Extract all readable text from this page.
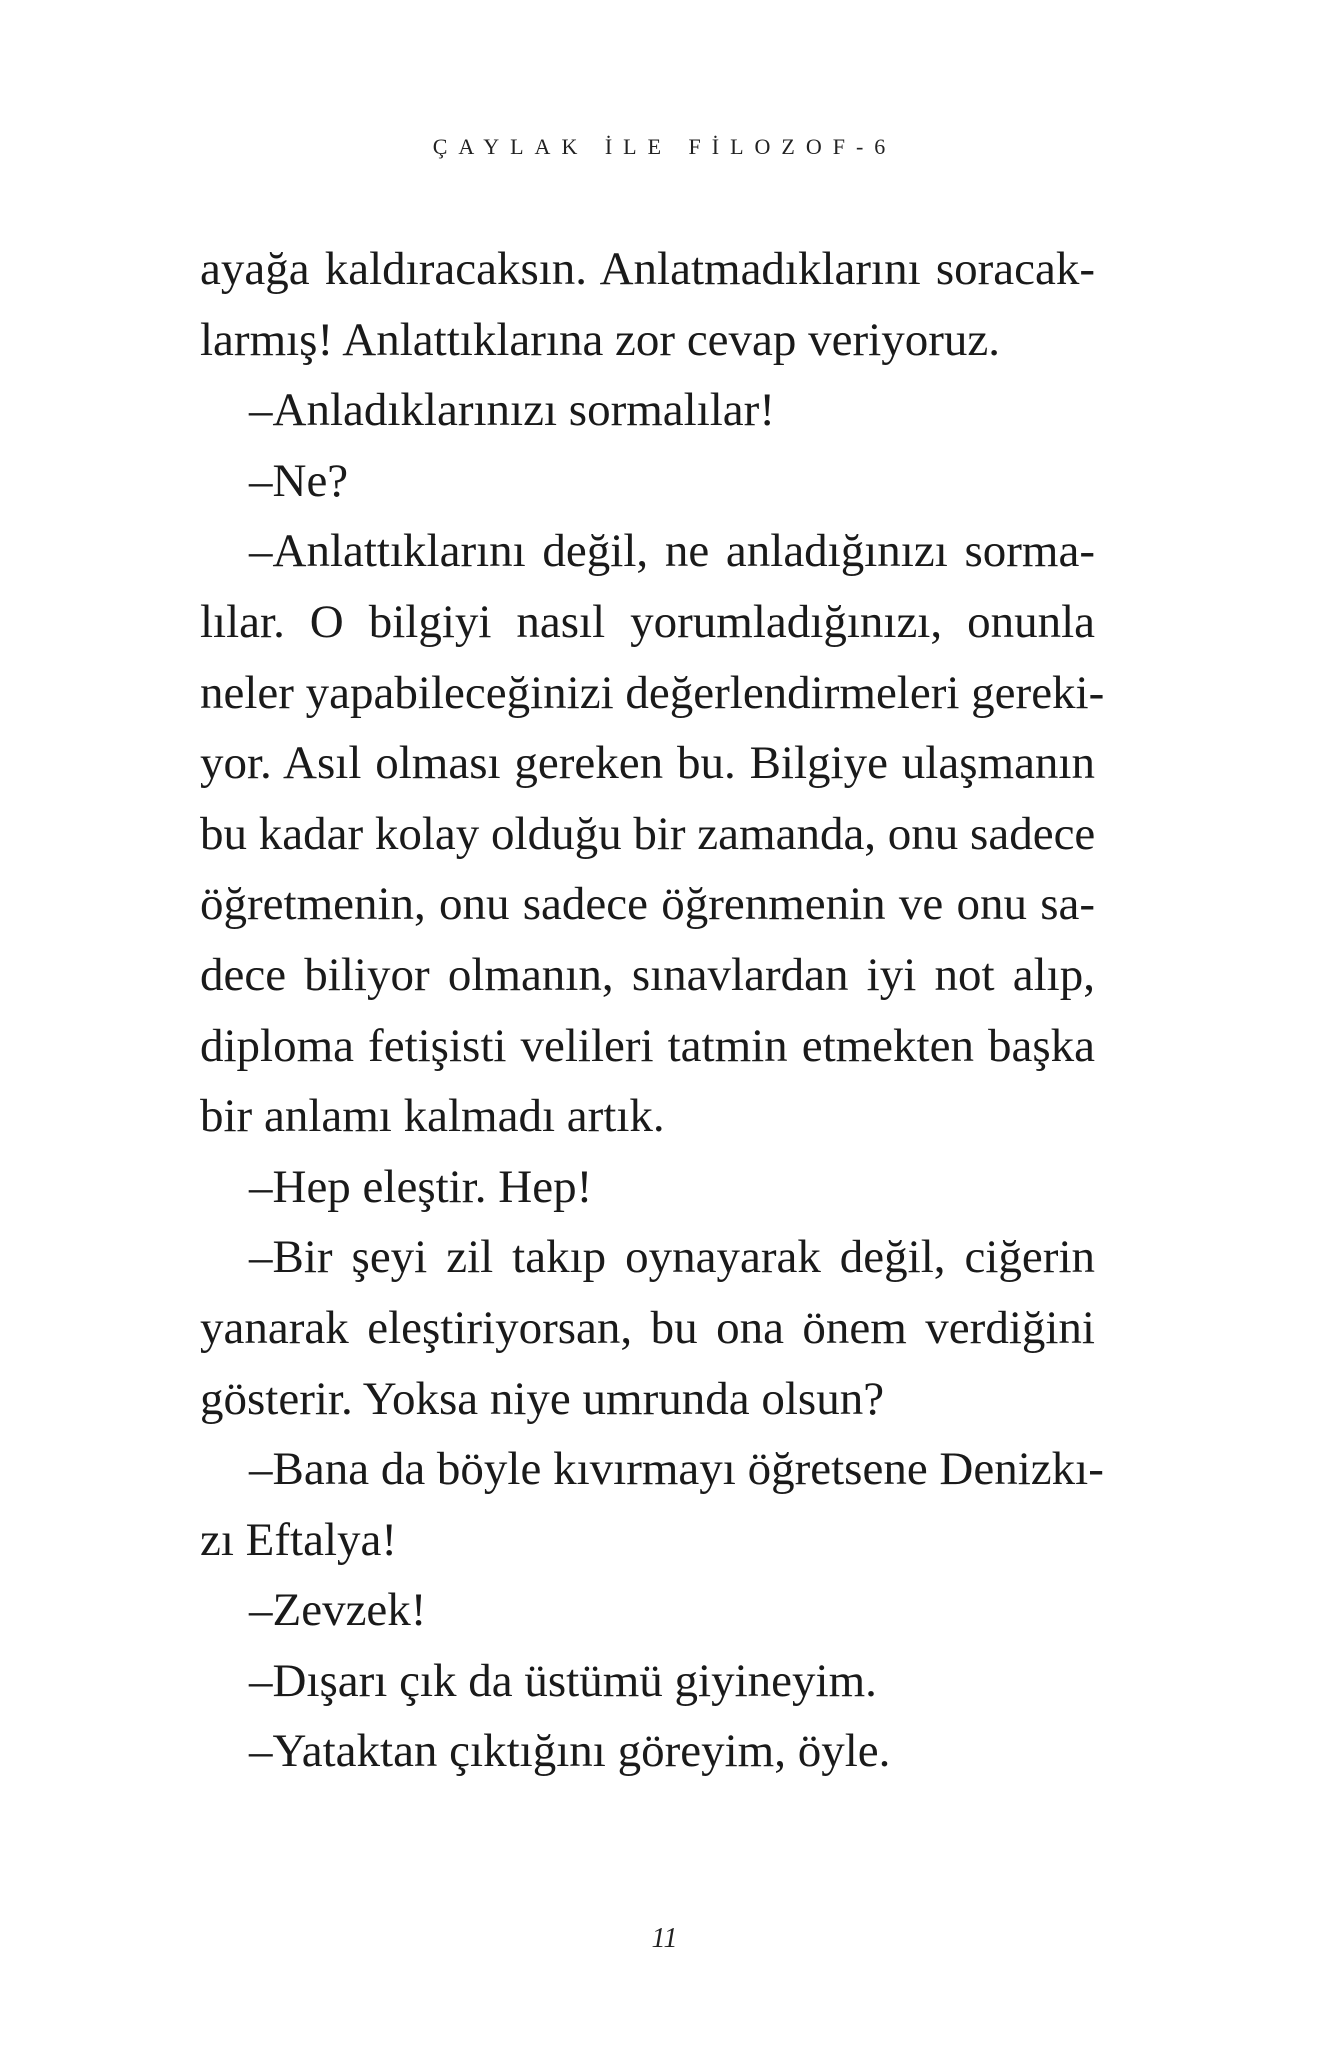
ÇAYLAK İLE FİLOZOF-6
ayağa kaldıracaksın. Anlatmadıklarını soracak-
larmış! Anlattıklarına zor cevap veriyoruz.
–Anladıklarınızı sormalılar!
–Ne?
–Anlattıklarını değil, ne anladığınızı sorma-
lılar. O bilgiyi nasıl yorumladığınızı, onunla
neler yapabileceğinizi değerlendirmeleri gereki-
yor. Asıl olması gereken bu. Bilgiye ulaşmanın
bu kadar kolay olduğu bir zamanda, onu sadece
öğretmenin, onu sadece öğrenmenin ve onu sa-
dece biliyor olmanın, sınavlardan iyi not alıp,
diploma fetişisti velileri tatmin etmekten başka
bir anlamı kalmadı artık.
–Hep eleştir. Hep!
–Bir şeyi zil takıp oynayarak değil, ciğerin
yanarak eleştiriyorsan, bu ona önem verdiğini
gösterir. Yoksa niye umrunda olsun?
–Bana da böyle kıvırmayı öğretsene Denizkı-
zı Eftalya!
–Zevzek!
–Dışarı çık da üstümü giyineyim.
–Yataktan çıktığını göreyim, öyle.
11
